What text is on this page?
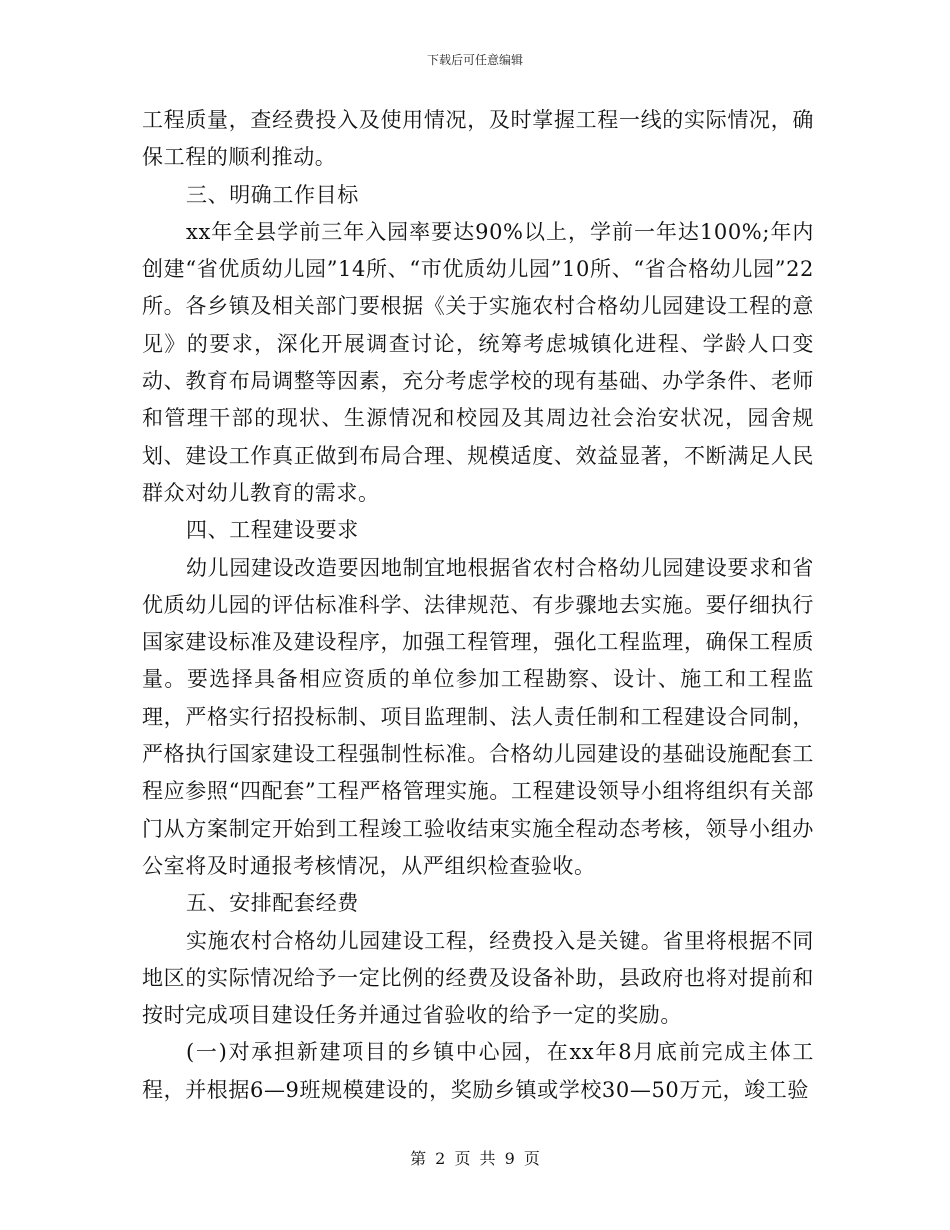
下载后可任意编辑

工程质量，查经费投入及使用情况，及时掌握工程一线的实际情况，确保工程的顺利推动。

三、明确工作目标

xx年全县学前三年入园率要达90%以上，学前一年达100%;年内创建“省优质幼儿园”14所、“市优质幼儿园”10所、“省合格幼儿园”22所。各乡镇及相关部门要根据《关于实施农村合格幼儿园建设工程的意见》的要求，深化开展调查讨论，统筹考虑城镇化进程、学龄人口变动、教育布局调整等因素，充分考虑学校的现有基础、办学条件、老师和管理干部的现状、生源情况和校园及其周边社会治安状况，园舍规划、建设工作真正做到布局合理、规模适度、效益显著，不断满足人民群众对幼儿教育的需求。

四、工程建设要求

幼儿园建设改造要因地制宜地根据省农村合格幼儿园建设要求和省优质幼儿园的评估标准科学、法律规范、有步骤地去实施。要仔细执行国家建设标准及建设程序，加强工程管理，强化工程监理，确保工程质量。要选择具备相应资质的单位参加工程勘察、设计、施工和工程监理，严格实行招投标制、项目监理制、法人责任制和工程建设合同制，严格执行国家建设工程强制性标准。合格幼儿园建设的基础设施配套工程应参照“四配套”工程严格管理实施。工程建设领导小组将组织有关部门从方案制定开始到工程竣工验收结束实施全程动态考核，领导小组办公室将及时通报考核情况，从严组织检查验收。

五、安排配套经费

实施农村合格幼儿园建设工程，经费投入是关键。省里将根据不同地区的实际情况给予一定比例的经费及设备补助，县政府也将对提前和按时完成项目建设任务并通过省验收的给予一定的奖励。

(一)对承担新建项目的乡镇中心园，在xx年8月底前完成主体工程，并根据6—9班规模建设的，奖励乡镇或学校30—50万元，竣工验

第 2 页 共 9 页
